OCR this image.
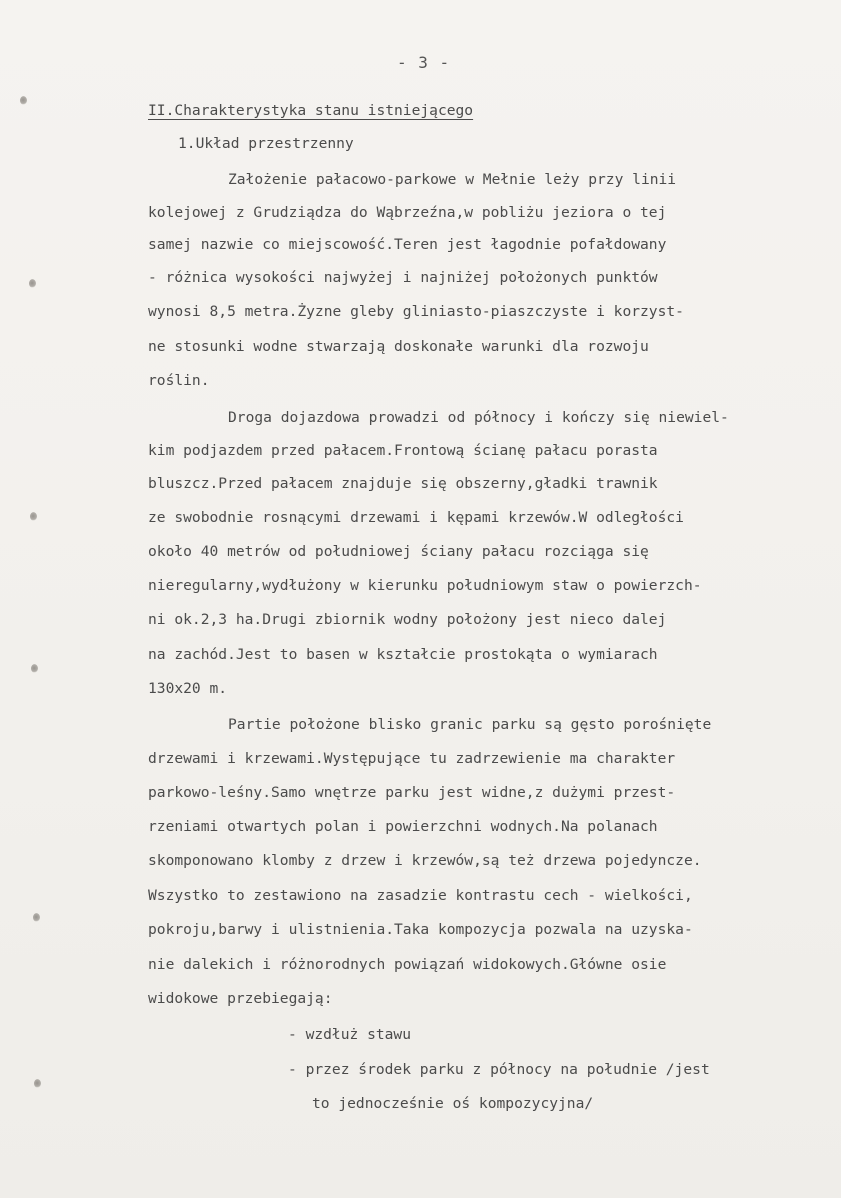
- 3 -
II.Charakterystyka stanu istniejącego
1.Układ przestrzenny
Założenie pałacowo-parkowe w Mełnie leży przy linii
kolejowej z Grudziądza do Wąbrzeźna,w pobliżu jeziora o tej
samej nazwie co miejscowość.Teren jest łagodnie pofałdowany
- różnica wysokości najwyżej i najniżej położonych punktów
wynosi 8,5 metra.Żyzne gleby gliniasto-piaszczyste i korzyst-
ne stosunki wodne stwarzają doskonałe warunki dla rozwoju
roślin.
Droga dojazdowa prowadzi od północy i kończy się niewiel-
kim podjazdem przed pałacem.Frontową ścianę pałacu porasta
bluszcz.Przed pałacem znajduje się obszerny,gładki trawnik
ze swobodnie rosnącymi drzewami i kępami krzewów.W odległości
około 40 metrów od południowej ściany pałacu rozciąga się
nieregularny,wydłużony w kierunku południowym staw o powierzch-
ni ok.2,3 ha.Drugi zbiornik wodny położony jest nieco dalej
na zachód.Jest to basen w kształcie prostokąta o wymiarach
130x20 m.
Partie położone blisko granic parku są gęsto porośnięte
drzewami i krzewami.Występujące tu zadrzewienie ma charakter
parkowo-leśny.Samo wnętrze parku jest widne,z dużymi przest-
rzeniami otwartych polan i powierzchni wodnych.Na polanach
skomponowano klomby z drzew i krzewów,są też drzewa pojedyncze.
Wszystko to zestawiono na zasadzie kontrastu cech - wielkości,
pokroju,barwy i ulistnienia.Taka kompozycja pozwala na uzyska-
nie dalekich i różnorodnych powiązań widokowych.Główne osie
widokowe przebiegają:
- wzdłuż stawu
- przez środek parku z północy na południe /jest
to jednocześnie oś kompozycyjna/
